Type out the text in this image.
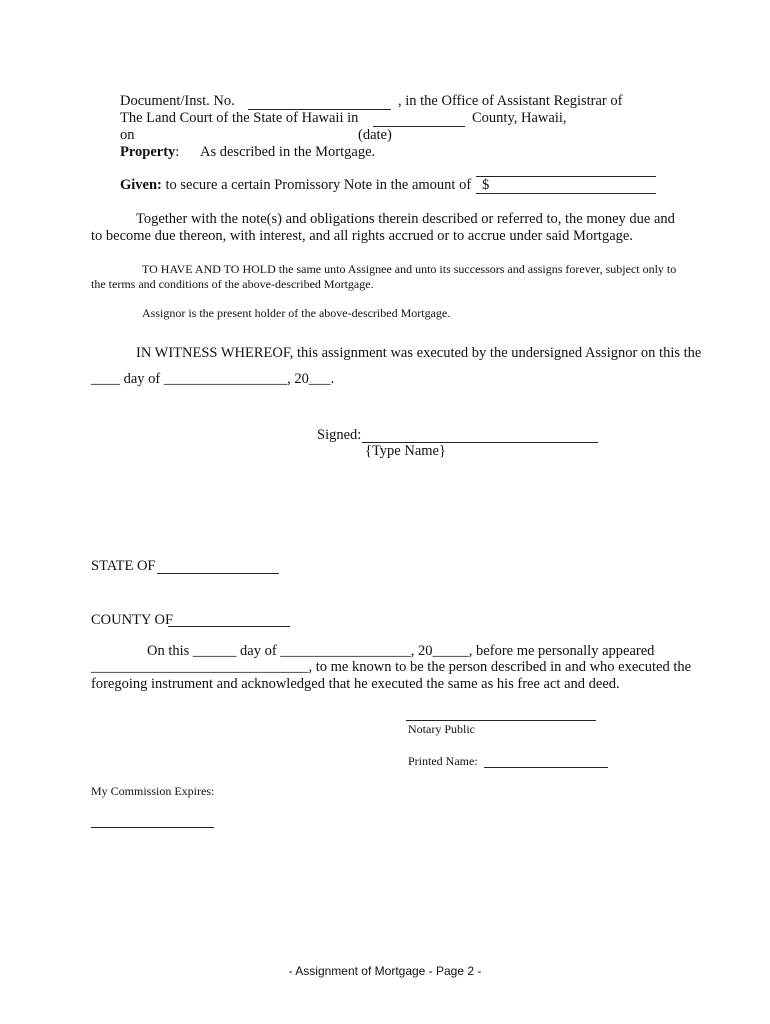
Document/Inst. No.	, in the Office of Assistant Registrar of
The Land Court of the State of Hawaii in	County, Hawaii,
on	(date)
Property: As described in the Mortgage.
Given: to secure a certain Promissory Note in the amount of $
Together with the note(s) and obligations therein described or referred to, the money due and to become due thereon, with interest, and all rights accrued or to accrue under said Mortgage.
TO HAVE AND TO HOLD the same unto Assignee and unto its successors and assigns forever, subject only to the terms and conditions of the above-described Mortgage.
Assignor is the present holder of the above-described Mortgage.
IN WITNESS WHEREOF, this assignment was executed by the undersigned Assignor on this the
____ day of _________________, 20___.
Signed:
{Type Name}
STATE OF
COUNTY OF
On this ______ day of __________________, 20_____, before me personally appeared
______________________________, to me known to be the person described in and who executed the
foregoing instrument and acknowledged that he executed the same as his free act and deed.
Notary Public
Printed Name:
My Commission Expires:
- Assignment of Mortgage - Page 2 -
